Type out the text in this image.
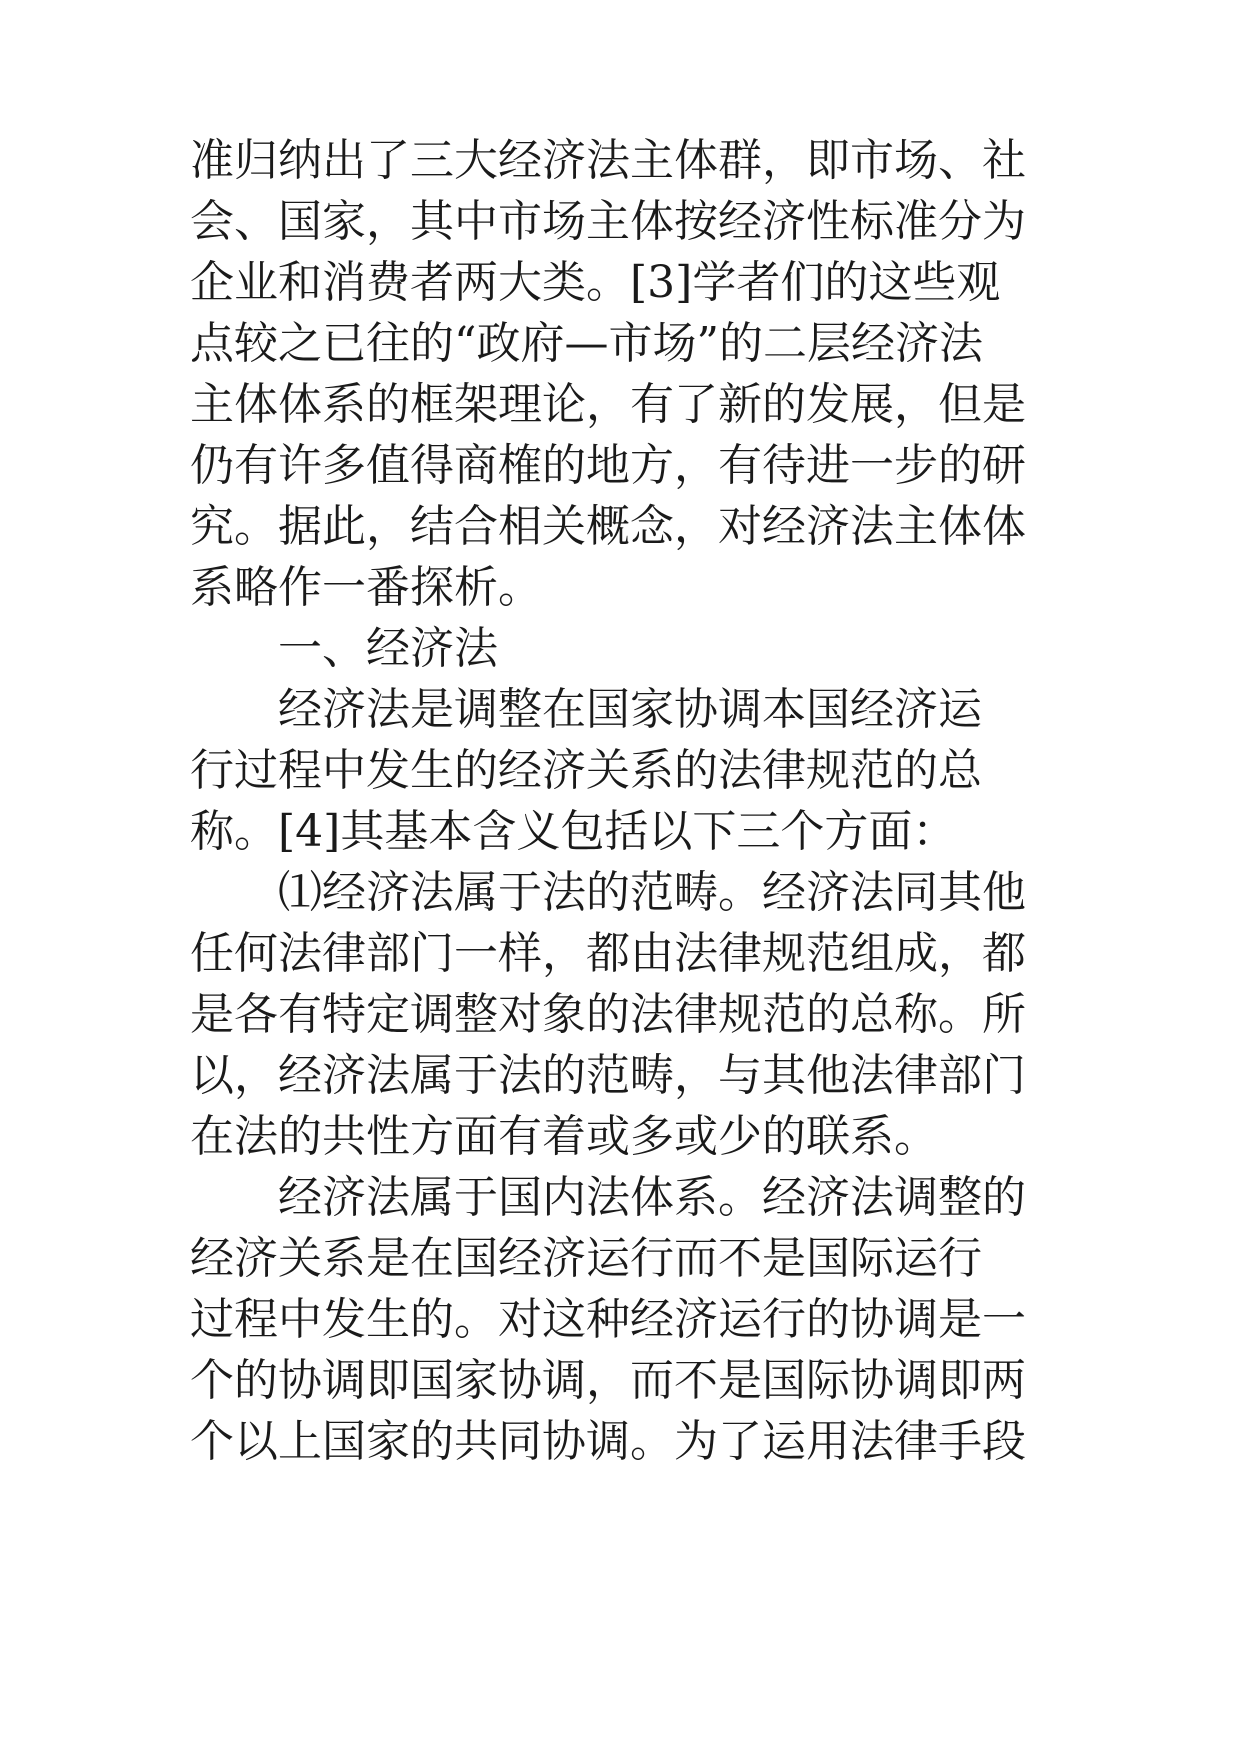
准归纳出了三大经济法主体群，即市场、社
会、国家，其中市场主体按经济性标准分为
企业和消费者两大类。[3]学者们的这些观
点较之已往的“政府—市场”的二层经济法
主体体系的框架理论，有了新的发展，但是
仍有许多值得商榷的地方，有待进一步的研
究。据此，结合相关概念，对经济法主体体
系略作一番探析。
一、经济法
经济法是调整在国家协调本国经济运
行过程中发生的经济关系的法律规范的总
称。[4]其基本含义包括以下三个方面：
⑴经济法属于法的范畴。经济法同其他
任何法律部门一样，都由法律规范组成，都
是各有特定调整对象的法律规范的总称。所
以，经济法属于法的范畴，与其他法律部门
在法的共性方面有着或多或少的联系。
经济法属于国内法体系。经济法调整的
经济关系是在国经济运行而不是国际运行
过程中发生的。对这种经济运行的协调是一
个的协调即国家协调，而不是国际协调即两
个以上国家的共同协调。为了运用法律手段
